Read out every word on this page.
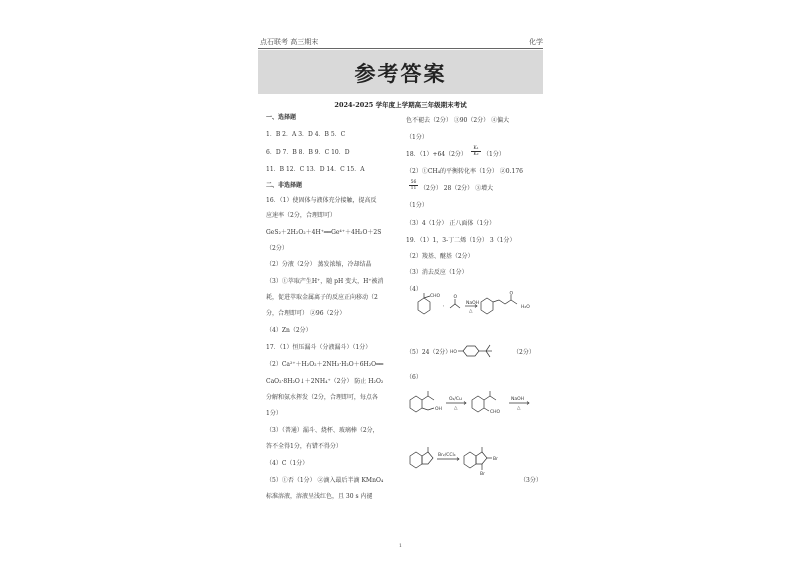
点石联考 高三期末	化学
参考答案
2024-2025 学年度上学期高三年级期末考试
一、选择题
1．B 2．A 3．D 4．B 5．C
6．D 7．B 8．B 9．C 10．D
11．B 12．C 13．D 14．C 15．A
二、非选择题
16．（1）使固体与液体充分接触，提高反
应速率（2分，合理即可）
GeS₂＋2H₂O₂＋4H⁺══Ge⁴⁺＋4H₂O＋2S
（2分）
（2）分液（2分） 蒸发浓缩，冷却结晶
（3）①萃取产生H⁺，随 pH 变大，H⁺被消
耗，促进萃取金属离子的反应正向移动（2
分，合理即可） ②96（2分）
（4）Zn（2分）
17．（1）恒压漏斗（分液漏斗）（1分）
（2）Ca²⁺＋H₂O₂＋2NH₃·H₂O＋6H₂O══
CaO₂·8H₂O↓＋2NH₄⁺（2分） 防止 H₂O₂
分解和氨水挥发（2分，合理即可，每点各
1分）
（3）（普通）漏斗、烧杯、玻璃棒（2分，
答不全得1分，有错不得分）
（4）C（1分）
（5）①否（1分） ②滴入最后半滴 KMnO₄
标准溶液，溶液呈浅红色，且 30 s 内褪
色不褪去（2分） ③90（2分） ④偏大
（1分）
18．（1）+64（2分） $\frac{\text{K₁}}{\text{K₂}} (1$分）
（2）①CH₄的平衡转化率（1分） ②0.176
$\frac{56}{11} (2$分） 28（2分） ③增大
（1分）
（3）4（1分） 正八面体（1分）
19．（1）1，3-丁二烯（1分） 3（1分）
（2）羧基、醚基（2分）
（3）消去反应（1分）
（4）
CHO
,
O
NaOH
△
O
H₂O
（5）24（2分）
HO	（2分）
（6）
OH
O₂/Cu
△
CHO
NaOH
△
Br₂/CCl₄
Br
Br
（3分）
1
